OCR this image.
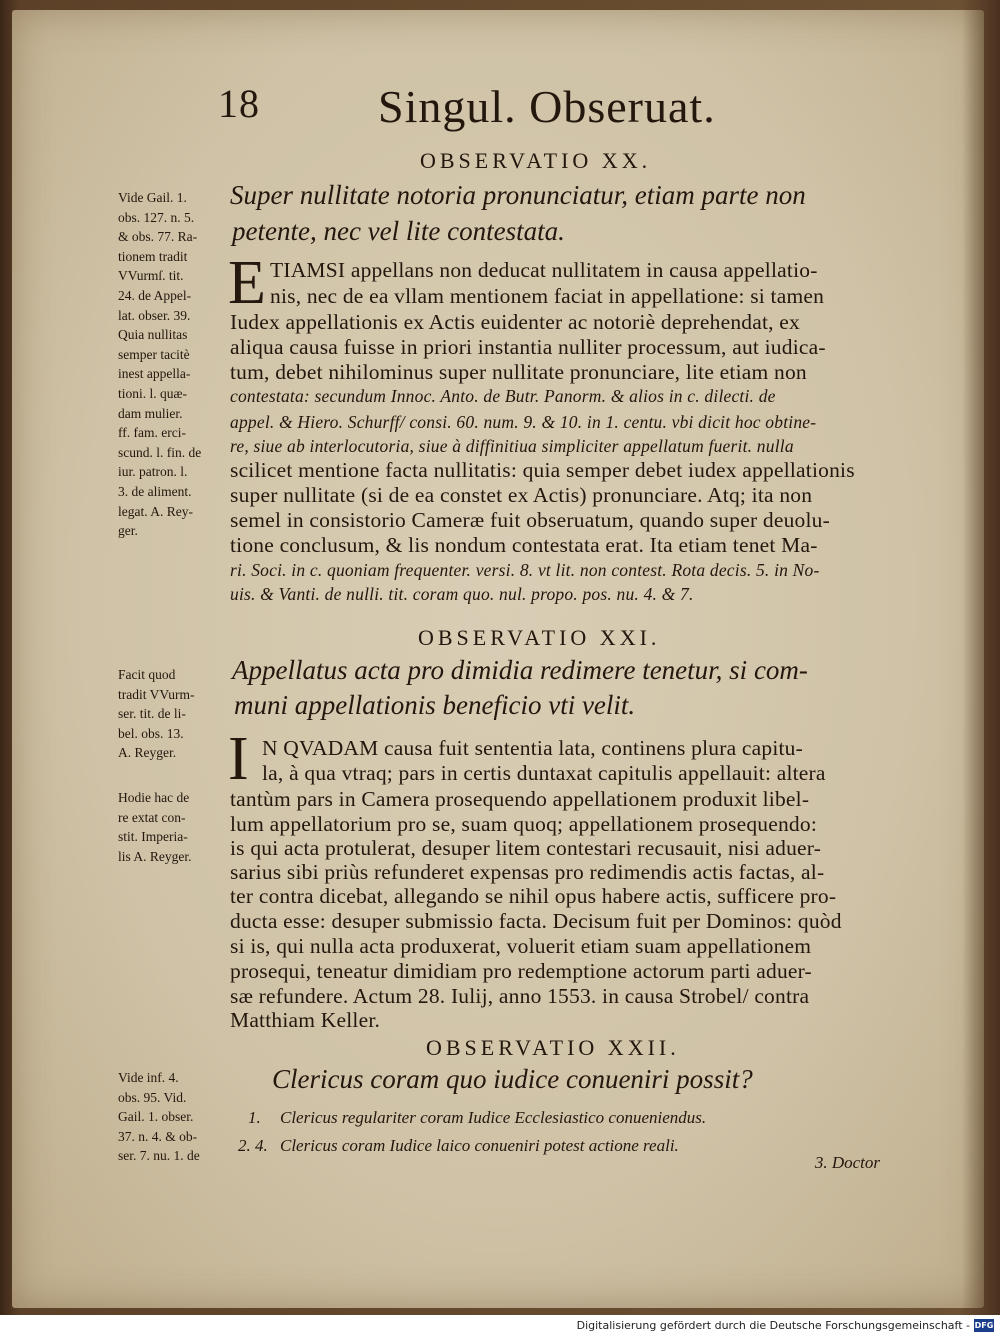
18	Singul. Obseruat.
OBSERVATIO XX.
Super nullitate notoria pronunciatur, etiam parte non
petente, nec vel lite contestata.
Vide Gail. 1.
obs. 127. n. 5.
& obs. 77. Ra-
tionem tradit
VVurmſ. tit.
24. de Appel-
lat. obser. 39.
Quia nullitas
semper tacitè
inest appella-
tioni. l. quæ-
dam mulier.
ff. fam. erci-
scund. l. fin. de
iur. patron. l.
3. de aliment.
legat. A. Rey-
ger.
E TIAMSI appellans non deducat nullitatem in causa appellatio-
nis, nec de ea vllam mentionem faciat in appellatione: si tamen
Iudex appellationis ex Actis euidenter ac notoriè deprehendat, ex
aliqua causa fuisse in priori instantia nulliter processum, aut iudica-
tum, debet nihilominus super nullitate pronunciare, lite etiam non
contestata: secundum Innoc. Anto. de Butr. Panorm. & alios in c. dilecti. de
appel. & Hiero. Schurff/ consi. 60. num. 9. & 10. in 1. centu. vbi dicit hoc obtine-
re, siue ab interlocutoria, siue à diffinitiua simpliciter appellatum fuerit. nulla
scilicet mentione facta nullitatis: quia semper debet iudex appellationis
super nullitate (si de ea constet ex Actis) pronunciare. Atq; ita non
semel in consistorio Cameræ fuit obseruatum, quando super deuolu-
tione conclusum, & lis nondum contestata erat. Ita etiam tenet Ma-
ri. Soci. in c. quoniam frequenter. versi. 8. vt lit. non contest. Rota decis. 5. in No-
uis. & Vanti. de nulli. tit. coram quo. nul. propo. pos. nu. 4. & 7.
OBSERVATIO XXI.
Appellatus acta pro dimidia redimere tenetur, si com-
muni appellationis beneficio vti velit.
Facit quod
tradit VVurm-
ser. tit. de li-
bel. obs. 13.
A. Reyger.
Hodie hac de
re extat con-
stit. Imperia-
lis A. Reyger.
I N QVADAM causa fuit sententia lata, continens plura capitu-
la, à qua vtraq; pars in certis duntaxat capitulis appellauit: altera
tantùm pars in Camera prosequendo appellationem produxit libel-
lum appellatorium pro se, suam quoq; appellationem prosequendo:
is qui acta protulerat, desuper litem contestari recusauit, nisi aduer-
sarius sibi priùs refunderet expensas pro redimendis actis factas, al-
ter contra dicebat, allegando se nihil opus habere actis, sufficere pro-
ducta esse: desuper submissio facta. Decisum fuit per Dominos: quòd
si is, qui nulla acta produxerat, voluerit etiam suam appellationem
prosequi, teneatur dimidiam pro redemptione actorum parti aduer-
sæ refundere. Actum 28. Iulij, anno 1553. in causa Strobel/ contra
Matthiam Keller.
OBSERVATIO XXII.
Clericus coram quo iudice conueniri possit?
Vide inf. 4.
obs. 95. Vid.
Gail. 1. obser.
37. n. 4. & ob-
ser. 7. nu. 1. de
1. Clericus regulariter coram Iudice Ecclesiastico conueniendus.
2. 4. Clericus coram Iudice laico conueniri potest actione reali.
3. Doctor
Digitalisierung gefördert durch die Deutsche Forschungsgemeinschaft - DFG
